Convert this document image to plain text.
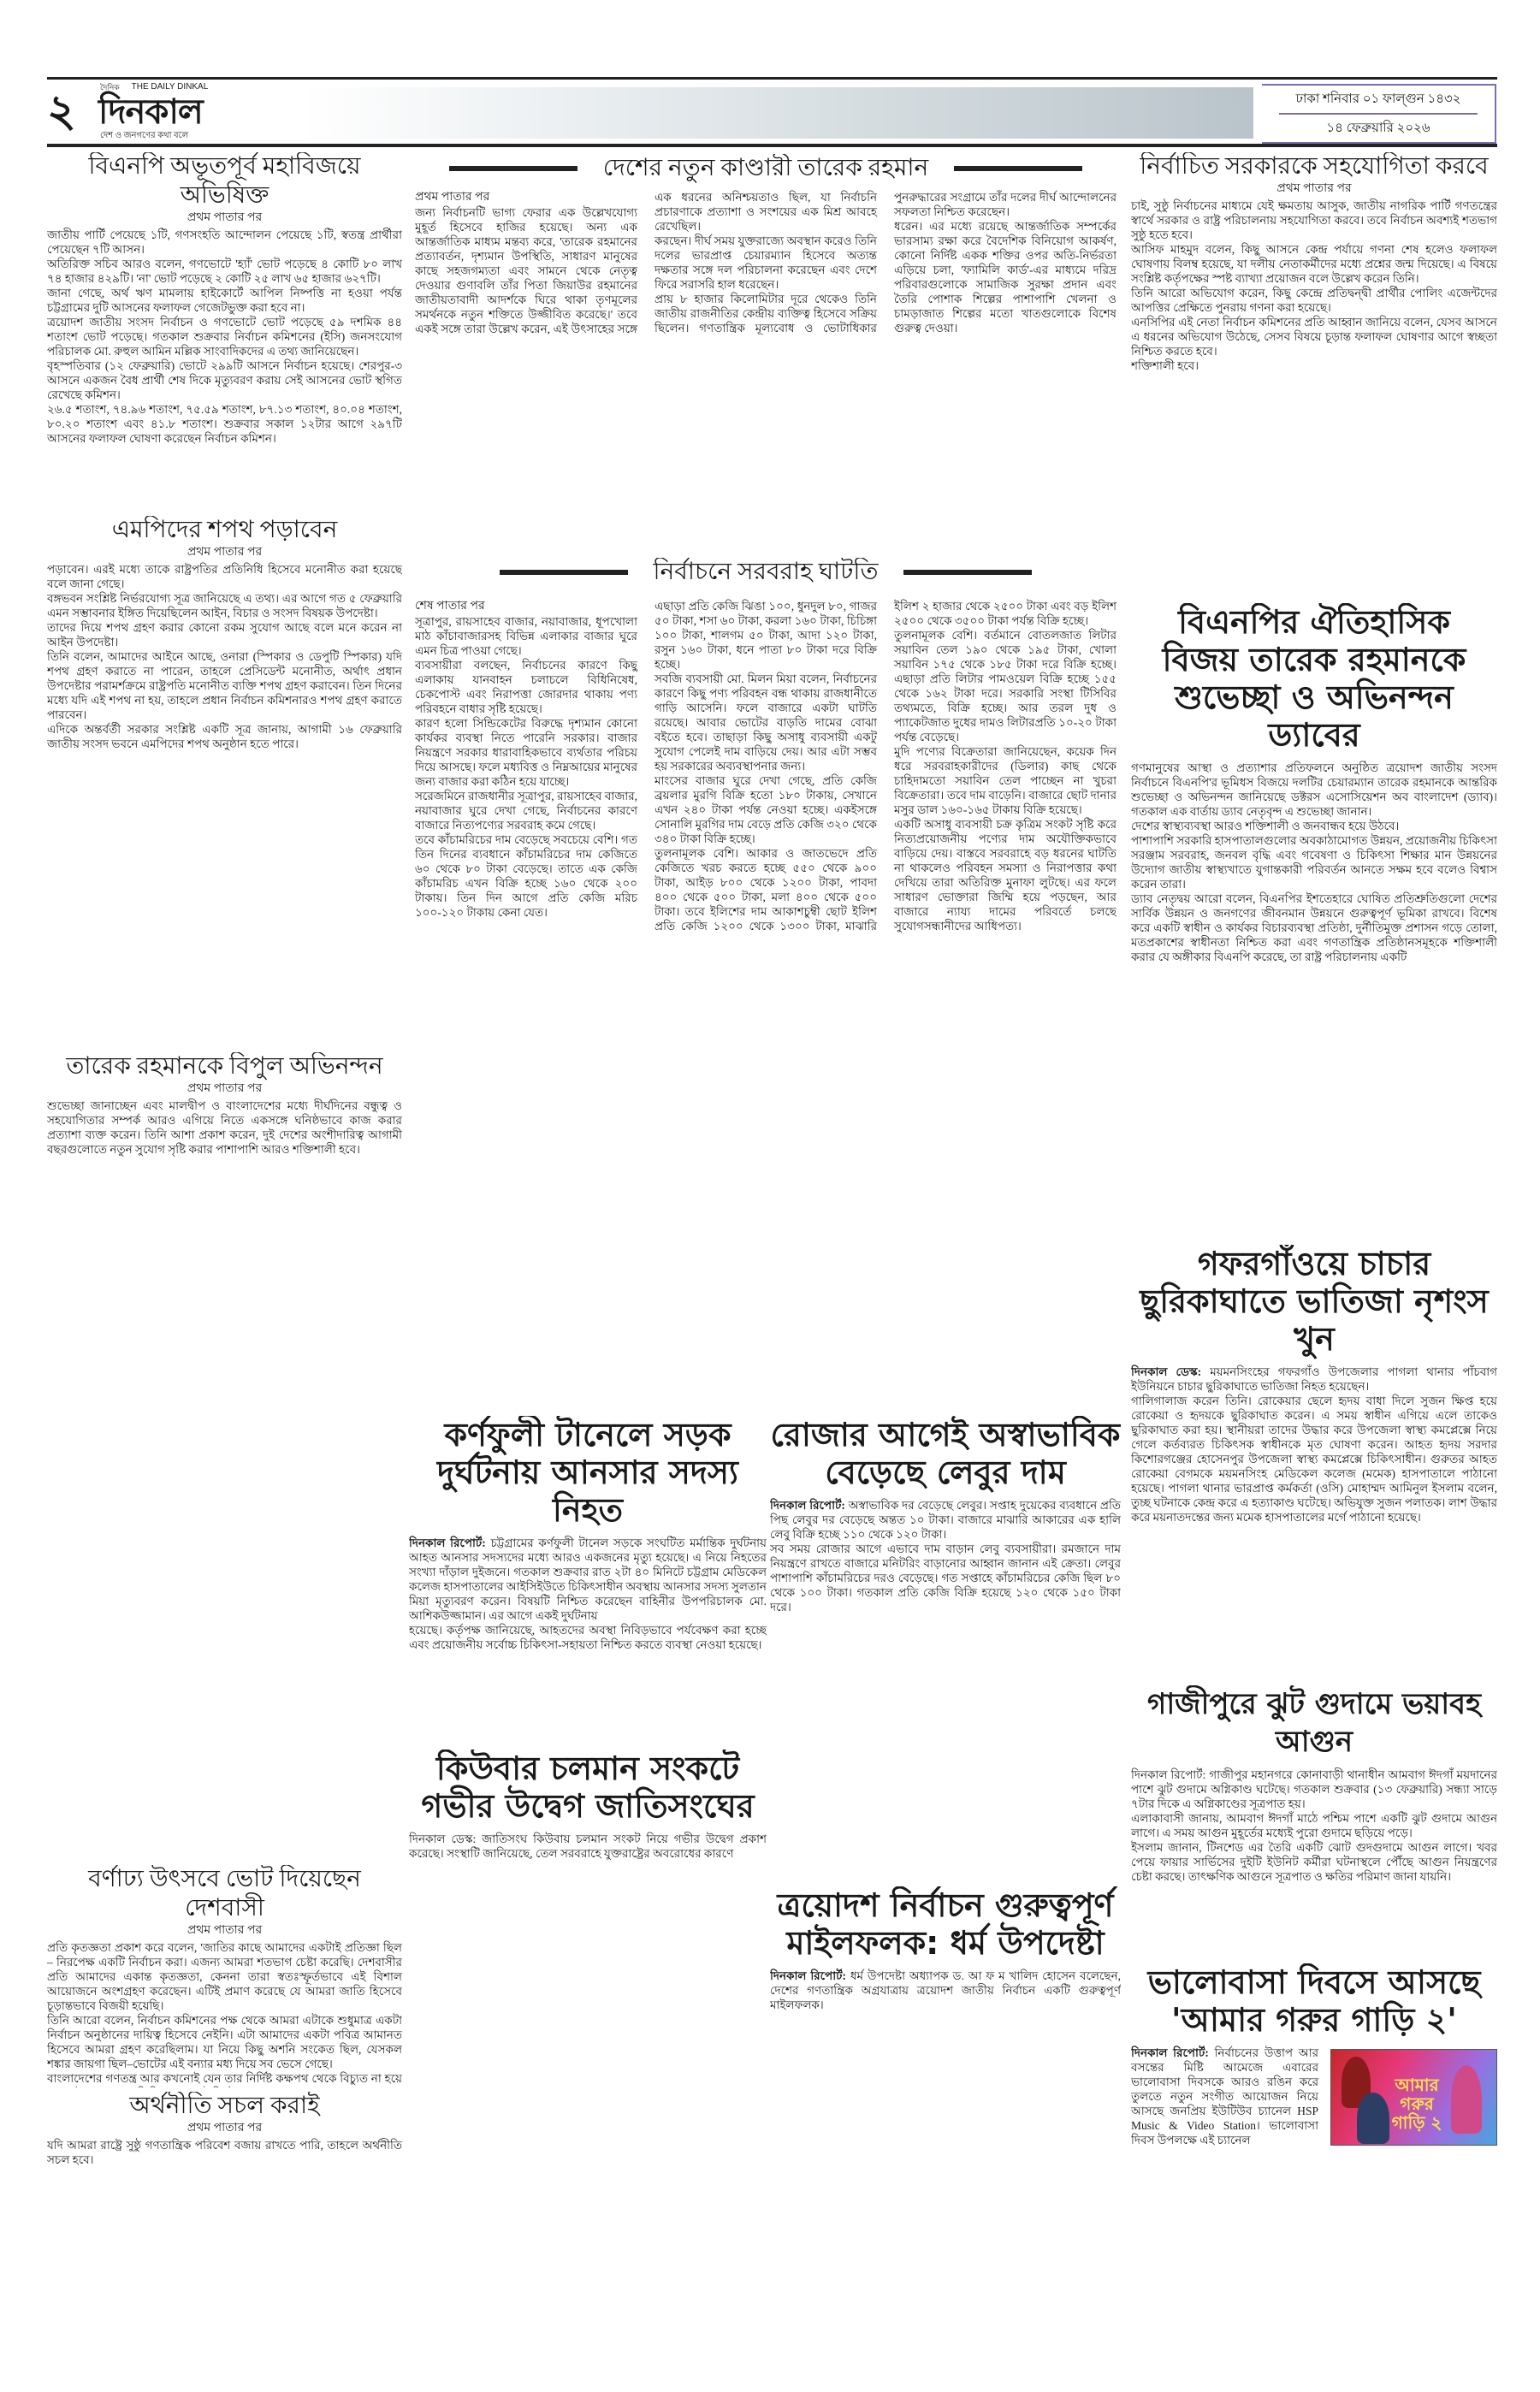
২	দৈনিক THE DAILY DINKAL
দিনকাল
দেশ ও জনগণের কথা বলে
ঢাকা শনিবার ০১ ফাল্গুন ১৪৩২
১৪ ফেব্রুয়ারি ২০২৬
বিএনপি অভূতপূর্ব মহাবিজয়ে অভিষিক্ত

প্রথম পাতার পর

জাতীয় পার্টি পেয়েছে ১টি, গণসংহতি আন্দোলন পেয়েছে ১টি, স্বতন্ত্র প্রার্থীরা পেয়েছেন ৭টি আসন।

অতিরিক্ত সচিব আরও বলেন, গণভোটে 'হ্যাঁ' ভোট পড়েছে ৪ কোটি ৮০ লাখ ৭৪ হাজার ৪২৯টি। 'না' ভোট পড়েছে ২ কোটি ২৫ লাখ ৬৫ হাজার ৬২৭টি।

জানা গেছে, অর্থ ঋণ মামলায় হাইকোর্টে আপিল নিষ্পত্তি না হওয়া পর্যন্ত চট্টগ্রামের দুটি আসনের ফলাফল গেজেটভুক্ত করা হবে না।

ত্রয়োদশ জাতীয় সংসদ নির্বাচন ও গণভোটে ভোট পড়েছে ৫৯ দশমিক ৪৪ শতাংশ ভোট পড়েছে। গতকাল শুক্রবার নির্বাচন কমিশনের (ইসি) জনসংযোগ পরিচালক মো. রুহুল আমিন মল্লিক সাংবাদিকদের এ তথ্য জানিয়েছেন।

বৃহস্পতিবার (১২ ফেব্রুয়ারি) ভোটে ২৯৯টি আসনে নির্বাচন হয়েছে। শেরপুর-৩ আসনে একজন বৈধ প্রার্থী শেষ দিকে মৃত্যুবরণ করায় সেই আসনের ভোট স্থগিত রেখেছে কমিশন।

২৬.৫ শতাংশ, ৭৪.৯৬ শতাংশ, ৭৫.৫৯ শতাংশ, ৮৭.১৩ শতাংশ, ৪০.০৪ শতাংশ, ৮০.২০ শতাংশ এবং ৪১.৮ শতাংশ। শুক্রবার সকাল ১২টার আগে ২৯৭টি আসনের ফলাফল ঘোষণা করেছেন নির্বাচন কমিশন।

এমপিদের শপথ পড়াবেন

প্রথম পাতার পর

পড়াবেন। এরই মধ্যে তাকে রাষ্ট্রপতির প্রতিনিধি হিসেবে মনোনীত করা হয়েছে বলে জানা গেছে।

বঙ্গভবন সংশ্লিষ্ট নির্ভরযোগ্য সূত্র জানিয়েছে এ তথ্য। এর আগে গত ৫ ফেব্রুয়ারি এমন সম্ভাবনার ইঙ্গিত দিয়েছিলেন আইন, বিচার ও সংসদ বিষয়ক উপদেষ্টা।

তাদের দিয়ে শপথ গ্রহণ করার কোনো রকম সুযোগ আছে বলে মনে করেন না আইন উপদেষ্টা।

তিনি বলেন, আমাদের আইনে আছে, ওনারা (স্পিকার ও ডেপুটি স্পিকার) যদি শপথ গ্রহণ করাতে না পারেন, তাহলে প্রেসিডেন্ট মনোনীত, অর্থাৎ প্রধান উপদেষ্টার পরামর্শক্রমে রাষ্ট্রপতি মনোনীত ব্যক্তি শপথ গ্রহণ করাবেন। তিন দিনের মধ্যে যদি এই শপথ না হয়, তাহলে প্রধান নির্বাচন কমিশনারও শপথ গ্রহণ করাতে পারবেন।

এদিকে অন্তর্বর্তী সরকার সংশ্লিষ্ট একটি সূত্র জানায়, আগামী ১৬ ফেব্রুয়ারি জাতীয় সংসদ ভবনে এমপিদের শপথ অনুষ্ঠান হতে পারে।

তারেক রহমানকে বিপুল অভিনন্দন

প্রথম পাতার পর

শুভেচ্ছা জানাচ্ছেন এবং মালদ্বীপ ও বাংলাদেশের মধ্যে দীর্ঘদিনের বন্ধুত্ব ও সহযোগিতার সম্পর্ক আরও এগিয়ে নিতে একসঙ্গে ঘনিষ্ঠভাবে কাজ করার প্রত্যাশা ব্যক্ত করেন। তিনি আশা প্রকাশ করেন, দুই দেশের অংশীদারিত্ব আগামী বছরগুলোতে নতুন সুযোগ সৃষ্টি করার পাশাপাশি আরও শক্তিশালী হবে।

বর্ণাঢ্য উৎসবে ভোট দিয়েছেন দেশবাসী

প্রথম পাতার পর

প্রতি কৃতজ্ঞতা প্রকাশ করে বলেন, 'জাতির কাছে আমাদের একটাই প্রতিজ্ঞা ছিল – নিরপেক্ষ একটি নির্বাচন করা। এজন্য আমরা শতভাগ চেষ্টা করেছি। দেশবাসীর প্রতি আমাদের একান্ত কৃতজ্ঞতা, কেননা তারা স্বতঃস্ফূর্তভাবে এই বিশাল আয়োজনে অংশগ্রহণ করেছেন। এটিই প্রমাণ করেছে যে আমরা জাতি হিসেবে চূড়ান্তভাবে বিজয়ী হয়েছি।

তিনি আরো বলেন, নির্বাচন কমিশনের পক্ষ থেকে আমরা এটাকে শুধুমাত্র একটা নির্বাচন অনুষ্ঠানের দায়িত্ব হিসেবে নেইনি। এটা আমাদের একটা পবিত্র আমানত হিসেবে আমরা গ্রহণ করেছিলাম। যা নিয়ে কিছু অশনি সংকেত ছিল, যেসকল শঙ্কার জায়গা ছিল–ভোটের এই বন্যার মধ্য দিয়ে সব ভেসে গেছে।

বাংলাদেশের গণতন্ত্র আর কখনোই যেন তার নির্দিষ্ট কক্ষপথ থেকে বিচ্যুত না হয়ে

অর্থনীতি সচল করাই

প্রথম পাতার পর

যদি আমরা রাষ্ট্রে সুষ্ঠু গণতান্ত্রিক পরিবেশ বজায় রাখতে পারি, তাহলে অর্থনীতি সচল হবে।

দেশের নতুন কাণ্ডারী তারেক রহমান

প্রথম পাতার পর

জন্য নির্বাচনটি ভাগ্য ফেরার এক উল্লেখযোগ্য মুহূর্ত হিসেবে হাজির হয়েছে। অন্য এক আন্তর্জাতিক মাধ্যম মন্তব্য করে, 'তারেক রহমানের প্রত্যাবর্তন, দৃশ্যমান উপস্থিতি, সাধারণ মানুষের কাছে সহজগম্যতা এবং সামনে থেকে নেতৃত্ব দেওয়ার গুণাবলি তাঁর পিতা জিয়াউর রহমানের জাতীয়তাবাদী আদর্শকে ঘিরে থাকা তৃণমূলের সমর্থনকে নতুন শক্তিতে উজ্জীবিত করেছে।' তবে একই সঙ্গে তারা উল্লেখ করেন, এই উৎসাহের সঙ্গে এক ধরনের অনিশ্চয়তাও ছিল, যা নির্বাচনি প্রচারণাকে প্রত্যাশা ও সংশয়ের এক মিশ্র আবহে রেখেছিল।

করছেন। দীর্ঘ সময় যুক্তরাজ্যে অবস্থান করেও তিনি দলের ভারপ্রাপ্ত চেয়ারম্যান হিসেবে অত্যন্ত দক্ষতার সঙ্গে দল পরিচালনা করেছেন এবং দেশে ফিরে সরাসরি হাল ধরেছেন।

প্রায় ৮ হাজার কিলোমিটার দূরে থেকেও তিনি জাতীয় রাজনীতির কেন্দ্রীয় ব্যক্তিত্ব হিসেবে সক্রিয় ছিলেন। গণতান্ত্রিক মূল্যবোধ ও ভোটাধিকার পুনরুদ্ধারের সংগ্রামে তাঁর দলের দীর্ঘ আন্দোলনের সফলতা নিশ্চিত করেছেন।

ধরেন। এর মধ্যে রয়েছে আন্তর্জাতিক সম্পর্কের ভারসাম্য রক্ষা করে বৈদেশিক বিনিয়োগ আকর্ষণ, কোনো নির্দিষ্ট একক শক্তির ওপর অতি-নির্ভরতা এড়িয়ে চলা, 'ফ্যামিলি কার্ড'-এর মাধ্যমে দরিদ্র পরিবারগুলোকে সামাজিক সুরক্ষা প্রদান এবং তৈরি পোশাক শিল্পের পাশাপাশি খেলনা ও চামড়াজাত শিল্পের মতো খাতগুলোকে বিশেষ গুরুত্ব দেওয়া।

নির্বাচনে সরবরাহ ঘাটতি

শেষ পাতার পর

সূত্রাপুর, রায়সাহেব বাজার, নয়াবাজার, ধূপখোলা মাঠ কাঁচাবাজারসহ বিভিন্ন এলাকার বাজার ঘুরে এমন চিত্র পাওয়া গেছে।

ব্যবসায়ীরা বলছেন, নির্বাচনের কারণে কিছু এলাকায় যানবাহন চলাচলে বিধিনিষেধ, চেকপোস্ট এবং নিরাপত্তা জোরদার থাকায় পণ্য পরিবহনে বাধার সৃষ্টি হয়েছে।

কারণ হলো সিন্ডিকেটের বিরুদ্ধে দৃশ্যমান কোনো কার্যকর ব্যবস্থা নিতে পারেনি সরকার। বাজার নিয়ন্ত্রণে সরকার ধারাবাহিকভাবে ব্যর্থতার পরিচয় দিয়ে আসছে। ফলে মধ্যবিত্ত ও নিম্নআয়ের মানুষের জন্য বাজার করা কঠিন হয়ে যাচ্ছে।

সরেজমিনে রাজধানীর সূত্রাপুর, রায়সাহেব বাজার, নয়াবাজার ঘুরে দেখা গেছে, নির্বাচনের কারণে বাজারে নিত্যপণ্যের সরবরাহ কমে গেছে।

তবে কাঁচামরিচের দাম বেড়েছে সবচেয়ে বেশি। গত তিন দিনের ব্যবধানে কাঁচামরিচের দাম কেজিতে ৬০ থেকে ৮০ টাকা বেড়েছে। তাতে এক কেজি কাঁচামরিচ এখন বিক্রি হচ্ছে ১৬০ থেকে ২০০ টাকায়। তিন দিন আগে প্রতি কেজি মরিচ ১০০-১২০ টাকায় কেনা যেত।

এছাড়া প্রতি কেজি ঝিঙা ১০০, ধুনদুল ৮০, গাজর ৫০ টাকা, শসা ৬০ টাকা, করলা ১৬০ টাকা, চিচিঙ্গা ১০০ টাকা, শালগম ৫০ টাকা, আদা ১২০ টাকা, রসুন ১৬০ টাকা, ধনে পাতা ৮০ টাকা দরে বিক্রি হচ্ছে।

সবজি ব্যবসায়ী মো. মিলন মিয়া বলেন, নির্বাচনের কারণে কিছু পণ্য পরিবহন বন্ধ থাকায় রাজধানীতে গাড়ি আসেনি। ফলে বাজারে একটা ঘাটতি রয়েছে। আবার ভোটের বাড়তি দামের বোঝা বইতে হবে। তাছাড়া কিছু অসাধু ব্যবসায়ী একটু সুযোগ পেলেই দাম বাড়িয়ে দেয়। আর এটা সম্ভব হয় সরকারের অব্যবস্থাপনার জন্য।

মাংসের বাজার ঘুরে দেখা গেছে, প্রতি কেজি ব্রয়লার মুরগি বিক্রি হতো ১৮০ টাকায়, সেখানে এখন ২৪০ টাকা পর্যন্ত নেওয়া হচ্ছে। একইসঙ্গে সোনালি মুরগির দাম বেড়ে প্রতি কেজি ৩২০ থেকে ৩৪০ টাকা বিক্রি হচ্ছে।

তুলনামূলক বেশি। আকার ও জাতভেদে প্রতি কেজিতে খরচ করতে হচ্ছে ৫৫০ থেকে ৯০০ টাকা, আইড় ৮০০ থেকে ১২০০ টাকা, পাবদা ৪০০ থেকে ৫০০ টাকা, মলা ৪০০ থেকে ৫০০ টাকা। তবে ইলিশের দাম আকাশচুম্বী ছোট ইলিশ প্রতি কেজি ১২০০ থেকে ১৩০০ টাকা, মাঝারি ইলিশ ২ হাজার থেকে ২৫০০ টাকা এবং বড় ইলিশ ২৫০০ থেকে ৩৫০০ টাকা পর্যন্ত বিক্রি হচ্ছে।

তুলনামূলক বেশি। বর্তমানে বোতলজাত লিটার সয়াবিন তেল ১৯০ থেকে ১৯৫ টাকা, খোলা সয়াবিন ১৭৫ থেকে ১৮৫ টাকা দরে বিক্রি হচ্ছে। এছাড়া প্রতি লিটার পামওয়েল বিক্রি হচ্ছে ১৫৫ থেকে ১৬২ টাকা দরে। সরকারি সংস্থা টিসিবির তথ্যমতে, বিক্রি হচ্ছে। আর তরল দুধ ও প্যাকেটজাত দুধের দামও লিটারপ্রতি ১০-২০ টাকা পর্যন্ত বেড়েছে।

মুদি পণ্যের বিক্রেতারা জানিয়েছেন, কয়েক দিন ধরে সরবরাহকারীদের (ডিলার) কাছ থেকে চাহিদামতো সয়াবিন তেল পাচ্ছেন না খুচরা বিক্রেতারা। তবে দাম বাড়েনি। বাজারে ছোট দানার মসুর ডাল ১৬০-১৬৫ টাকায় বিক্রি হয়েছে।

একটি অসাধু ব্যবসায়ী চক্র কৃত্রিম সংকট সৃষ্টি করে নিত্যপ্রয়োজনীয় পণ্যের দাম অযৌক্তিকভাবে বাড়িয়ে দেয়। বাস্তবে সরবরাহে বড় ধরনের ঘাটতি না থাকলেও পরিবহন সমস্যা ও নিরাপত্তার কথা দেখিয়ে তারা অতিরিক্ত মুনাফা লুটছে। এর ফলে সাধারণ ভোক্তারা জিম্মি হয়ে পড়ছেন, আর বাজারে ন্যায্য দামের পরিবর্তে চলছে সুযোগসন্ধানীদের আধিপত্য।

কর্ণফুলী টানেলে সড়ক দুর্ঘটনায় আনসার সদস্য নিহত

দিনকাল রিপোর্ট: চট্টগ্রামের কর্ণফুলী টানেল সড়কে সংঘটিত মর্মান্তিক দুর্ঘটনায় আহত আনসার সদস্যদের মধ্যে আরও একজনের মৃত্যু হয়েছে। এ নিয়ে নিহতের সংখ্যা দাঁড়াল দুইজনে। গতকাল শুক্রবার রাত ২টা ৪০ মিনিটে চট্টগ্রাম মেডিকেল কলেজ হাসপাতালের আইসিইউতে চিকিৎসাধীন অবস্থায় আনসার সদস্য সুলতান মিয়া মৃত্যুবরণ করেন। বিষয়টি নিশ্চিত করেছেন বাহিনীর উপপরিচালক মো. আশিকউজ্জামান। এর আগে একই দুর্ঘটনায়

হয়েছে। কর্তৃপক্ষ জানিয়েছে, আহতদের অবস্থা নিবিড়ভাবে পর্যবেক্ষণ করা হচ্ছে এবং প্রয়োজনীয় সর্বোচ্চ চিকিৎসা-সহায়তা নিশ্চিত করতে ব্যবস্থা নেওয়া হয়েছে।

কিউবার চলমান সংকটে গভীর উদ্বেগ জাতিসংঘের

দিনকাল ডেস্ক: জাতিসংঘ কিউবায় চলমান সংকট নিয়ে গভীর উদ্বেগ প্রকাশ করেছে। সংস্থাটি জানিয়েছে, তেল সরবরাহে যুক্তরাষ্ট্রের অবরোধের কারণে

রোজার আগেই অস্বাভাবিক বেড়েছে লেবুর দাম

দিনকাল রিপোর্ট: অস্বাভাবিক দর বেড়েছে লেবুর। সপ্তাহ দুয়েকের ব্যবধানে প্রতি পিছ লেবুর দর বেড়েছে অন্তত ১০ টাকা। বাজারে মাঝারি আকারের এক হালি লেবু বিক্রি হচ্ছে ১১০ থেকে ১২০ টাকা।

সব সময় রোজার আগে এভাবে দাম বাড়ান লেবু ব্যবসায়ীরা। রমজানে দাম নিয়ন্ত্রণে রাখতে বাজারে মনিটরিং বাড়ানোর আহ্বান জানান এই ক্রেতা। লেবুর পাশাপাশি কাঁচামরিচের দরও বেড়েছে। গত সপ্তাহে কাঁচামরিচের কেজি ছিল ৮০ থেকে ১০০ টাকা। গতকাল প্রতি কেজি বিক্রি হয়েছে ১২০ থেকে ১৫০ টাকা দরে।

ত্রয়োদশ নির্বাচন গুরুত্বপূর্ণ মাইলফলক: ধর্ম উপদেষ্টা

দিনকাল রিপোর্ট: ধর্ম উপদেষ্টা অধ্যাপক ড. আ ফ ম খালিদ হোসেন বলেছেন, দেশের গণতান্ত্রিক অগ্রযাত্রায় ত্রয়োদশ জাতীয় নির্বাচন একটি গুরুত্বপূর্ণ মাইলফলক।

নির্বাচিত সরকারকে সহযোগিতা করবে

প্রথম পাতার পর

চাই, সুষ্ঠু নির্বাচনের মাধ্যমে যেই ক্ষমতায় আসুক, জাতীয় নাগরিক পার্টি গণতন্ত্রের স্বার্থে সরকার ও রাষ্ট্র পরিচালনায় সহযোগিতা করবে। তবে নির্বাচন অবশ্যই শতভাগ সুষ্ঠু হতে হবে।

আসিফ মাহমুদ বলেন, কিছু আসনে কেন্দ্র পর্যায়ে গণনা শেষ হলেও ফলাফল ঘোষণায় বিলম্ব হয়েছে, যা দলীয় নেতাকর্মীদের মধ্যে প্রশ্নের জন্ম দিয়েছে। এ বিষয়ে সংশ্লিষ্ট কর্তৃপক্ষের স্পষ্ট ব্যাখ্যা প্রয়োজন বলে উল্লেখ করেন তিনি।

তিনি আরো অভিযোগ করেন, কিছু কেন্দ্রে প্রতিদ্বন্দ্বী প্রার্থীর পোলিং এজেন্টদের আপত্তির প্রেক্ষিতে পুনরায় গণনা করা হয়েছে।

এনসিপির এই নেতা নির্বাচন কমিশনের প্রতি আহ্বান জানিয়ে বলেন, যেসব আসনে এ ধরনের অভিযোগ উঠেছে, সেসব বিষয়ে চূড়ান্ত ফলাফল ঘোষণার আগে স্বচ্ছতা নিশ্চিত করতে হবে।

শক্তিশালী হবে।

বিএনপির ঐতিহাসিক বিজয় তারেক রহমানকে শুভেচ্ছা ও অভিনন্দন ড্যাবের

গণমানুষের আস্থা ও প্রত্যাশার প্রতিফলনে অনুষ্ঠিত ত্রয়োদশ জাতীয় সংসদ নির্বাচনে বিএনপি'র ভূমিধস বিজয়ে দলটির চেয়ারম্যান তারেক রহমানকে আন্তরিক শুভেচ্ছা ও অভিনন্দন জানিয়েছে ডক্টরস এসোসিয়েশন অব বাংলাদেশ (ড্যাব)। গতকাল এক বার্তায় ড্যাব নেতৃবৃন্দ এ শুভেচ্ছা জানান।

দেশের স্বাস্থ্যব্যবস্থা আরও শক্তিশালী ও জনবান্ধব হয়ে উঠবে।

পাশাপাশি সরকারি হাসপাতালগুলোর অবকাঠামোগত উন্নয়ন, প্রয়োজনীয় চিকিৎসা সরঞ্জাম সরবরাহ, জনবল বৃদ্ধি এবং গবেষণা ও চিকিৎসা শিক্ষার মান উন্নয়নের উদ্যোগ জাতীয় স্বাস্থ্যখাতে যুগান্তকারী পরিবর্তন আনতে সক্ষম হবে বলেও বিশ্বাস করেন তারা।

ড্যাব নেতৃদ্বয় আরো বলেন, বিএনপির ইশতেহারে ঘোষিত প্রতিশ্রুতিগুলো দেশের সার্বিক উন্নয়ন ও জনগণের জীবনমান উন্নয়নে গুরুত্বপূর্ণ ভূমিকা রাখবে। বিশেষ করে একটি স্বাধীন ও কার্যকর বিচারব্যবস্থা প্রতিষ্ঠা, দুর্নীতিমুক্ত প্রশাসন গড়ে তোলা, মতপ্রকাশের স্বাধীনতা নিশ্চিত করা এবং গণতান্ত্রিক প্রতিষ্ঠানসমূহকে শক্তিশালী করার যে অঙ্গীকার বিএনপি করেছে, তা রাষ্ট্র পরিচালনায় একটি

গফরগাঁওয়ে চাচার ছুরিকাঘাতে ভাতিজা নৃশংস খুন

দিনকাল ডেস্ক: ময়মনসিংহের গফরগাঁও উপজেলার পাগলা থানার পাঁচবাগ ইউনিয়নে চাচার ছুরিকাঘাতে ভাতিজা নিহত হয়েছেন।

গালিগালাজ করেন তিনি। রোকেয়ার ছেলে হৃদয় বাধা দিলে সুজন ক্ষিপ্ত হয়ে রোকেয়া ও হৃদয়কে ছুরিকাঘাত করেন। এ সময় স্বাধীন এগিয়ে এলে তাকেও ছুরিকাঘাত করা হয়। স্থানীয়রা তাদের উদ্ধার করে উপজেলা স্বাস্থ্য কমপ্লেক্সে নিয়ে গেলে কর্তব্যরত চিকিৎসক স্বাধীনকে মৃত ঘোষণা করেন। আহত হৃদয় সরদার কিশোরগঞ্জের হোসেনপুর উপজেলা স্বাস্থ্য কমপ্লেক্সে চিকিৎসাধীন। গুরুতর আহত রোকেয়া বেগমকে ময়মনসিংহ মেডিকেল কলেজ (মমেক) হাসপাতালে পাঠানো হয়েছে। পাগলা থানার ভারপ্রাপ্ত কর্মকর্তা (ওসি) মোহাম্মদ আমিনুল ইসলাম বলেন, তুচ্ছ ঘটনাকে কেন্দ্র করে এ হত্যাকাণ্ড ঘটেছে। অভিযুক্ত সুজন পলাতক। লাশ উদ্ধার করে ময়নাতদন্তের জন্য মমেক হাসপাতালের মর্গে পাঠানো হয়েছে।

গাজীপুরে ঝুট গুদামে ভয়াবহ আগুন

দিনকাল রিপোর্ট: গাজীপুর মহানগরে কোনাবাড়ী থানাধীন আমবাগ ঈদগাঁ ময়দানের পাশে ঝুট গুদামে অগ্নিকাণ্ড ঘটেছে। গতকাল শুক্রবার (১৩ ফেব্রুয়ারি) সন্ধ্যা সাড়ে ৭টার দিকে এ অগ্নিকাণ্ডের সূত্রপাত হয়।

এলাকাবাসী জানায়, আমবাগ ঈদগাঁ মাঠে পশ্চিম পাশে একটি ঝুট গুদামে আগুন লাগে। এ সময় আগুন মুহূর্তের মধ্যেই পুরো গুদামে ছড়িয়ে পড়ে।

ইসলাম জানান, টিনশেড এর তৈরি একটি ঝোট গুদগুদামে আগুন লাগে। খবর পেয়ে ফায়ার সার্ভিসের দুইটি ইউনিট কর্মীরা ঘটনাস্থলে পৌঁছে আগুন নিয়ন্ত্রণের চেষ্টা করছে। তাৎক্ষণিক আগুনে সূত্রপাত ও ক্ষতির পরিমাণ জানা যায়নি।

ভালোবাসা দিবসে আসছে 'আমার গরুর গাড়ি ২'
আমার গরুর গাড়ি ২

দিনকাল রিপোর্ট: নির্বাচনের উত্তাপ আর বসন্তের মিষ্টি আমেজে এবারের ভালোবাসা দিবসকে আরও রঙিন করে তুলতে নতুন সংগীত আয়োজন নিয়ে আসছে জনপ্রিয় ইউটিউব চ্যানেল HSP Music & Video Station। ভালোবাসা দিবস উপলক্ষে এই চ্যানেল
